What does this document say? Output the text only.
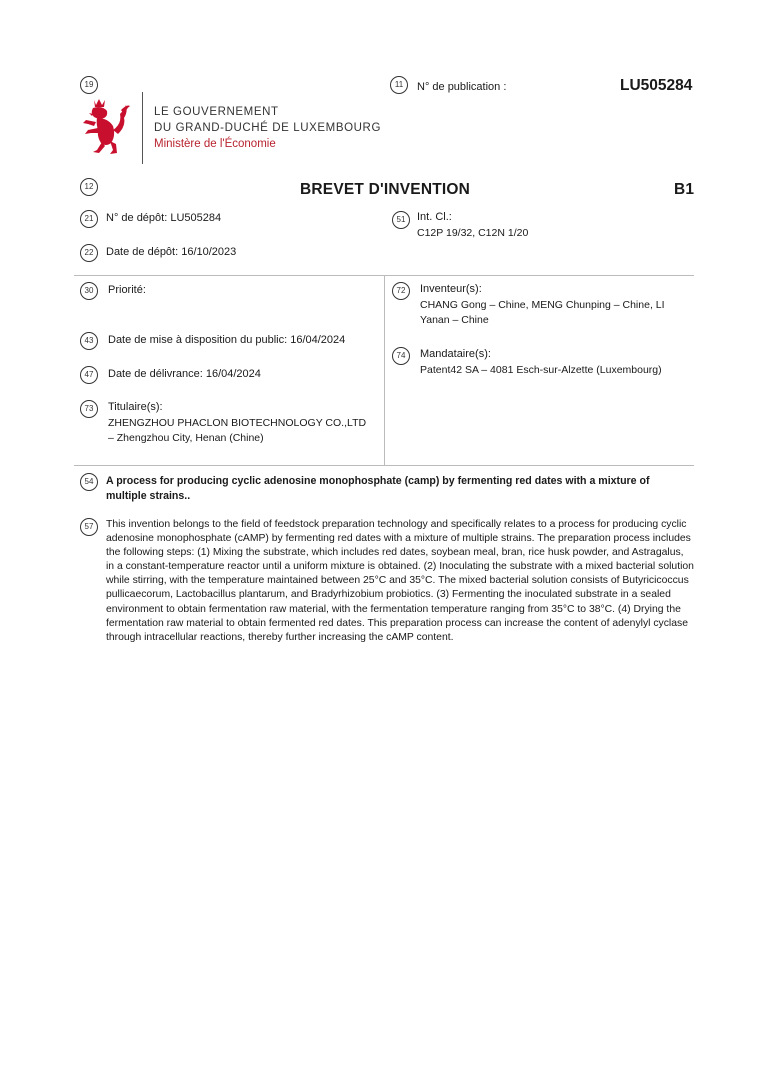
19
LE GOUVERNEMENT
DU GRAND-DUCHÉ DE LUXEMBOURG
Ministère de l'Économie
11	N° de publication :	LU505284
12	BREVET D'INVENTION	B1
21	N° de dépôt: LU505284
22	Date de dépôt: 16/10/2023
51	Int. Cl.:
C12P 19/32, C12N 1/20
30	Priorité:
43	Date de mise à disposition du public: 16/04/2024
47	Date de délivrance: 16/04/2024
73	Titulaire(s):
ZHENGZHOU PHACLON BIOTECHNOLOGY CO.,LTD – Zhengzhou City, Henan (Chine)
72	Inventeur(s):
CHANG Gong – Chine, MENG Chunping – Chine, LI Yanan – Chine
74	Mandataire(s):
Patent42 SA – 4081 Esch-sur-Alzette (Luxembourg)
54	A process for producing cyclic adenosine monophosphate (camp) by fermenting red dates with a mixture of multiple strains..
57	This invention belongs to the field of feedstock preparation technology and specifically relates to a process for producing cyclic adenosine monophosphate (cAMP) by fermenting red dates with a mixture of multiple strains. The preparation process includes the following steps: (1) Mixing the substrate, which includes red dates, soybean meal, bran, rice husk powder, and Astragalus, in a constant-temperature reactor until a uniform mixture is obtained. (2) Inoculating the substrate with a mixed bacterial solution while stirring, with the temperature maintained between 25°C and 35°C. The mixed bacterial solution consists of Butyricicoccus pullicaecorum, Lactobacillus plantarum, and Bradyrhizobium probiotics. (3) Fermenting the inoculated substrate in a sealed environment to obtain fermentation raw material, with the fermentation temperature ranging from 35°C to 38°C. (4) Drying the fermentation raw material to obtain fermented red dates. This preparation process can increase the content of adenylyl cyclase through intracellular reactions, thereby further increasing the cAMP content.
